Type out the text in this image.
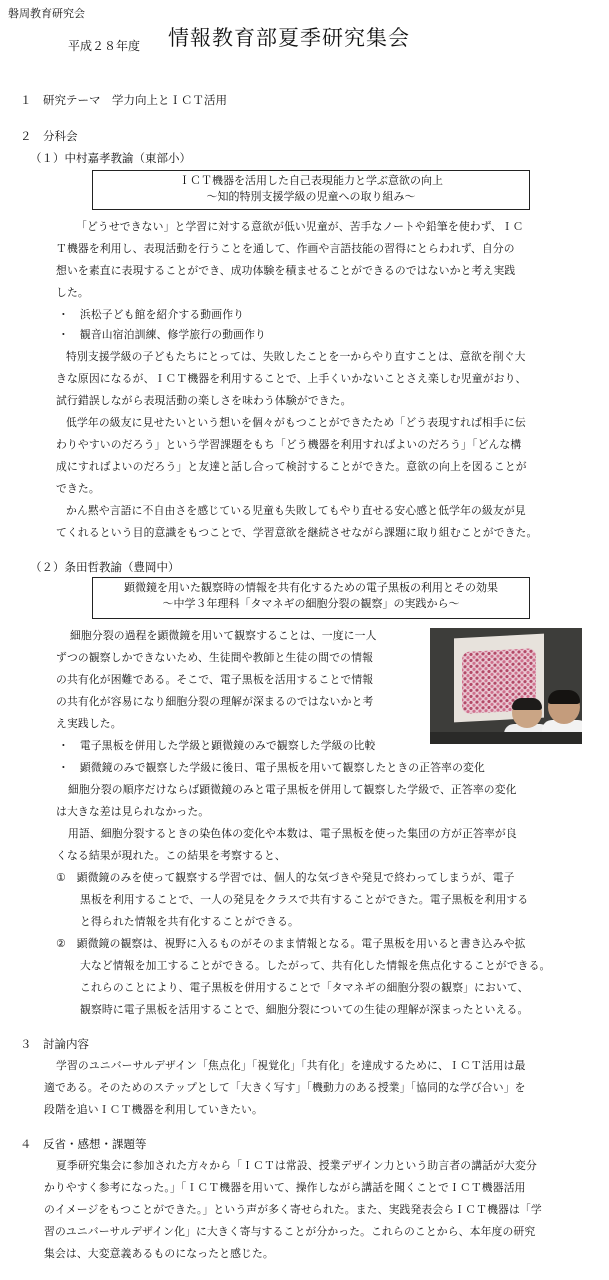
磐周教育研究会
平成２８年度 情報教育部夏季研究集会
１　研究テーマ　学力向上とＩＣＴ活用
２　分科会
（１）中村嘉孝教諭（東部小）
ＩＣＴ機器を活用した自己表現能力と学ぶ意欲の向上
～知的特別支援学級の児童への取り組み～
「どうせできない」と学習に対する意欲が低い児童が、苦手なノートや鉛筆を使わず、ＩＣ
Ｔ機器を利用し、表現活動を行うことを通して、作画や言語技能の習得にとらわれず、自分の
想いを素直に表現することができ、成功体験を積ませることができるのではないかと考え実践
した。
・　浜松子ども館を紹介する動画作り
・　観音山宿泊訓練、修学旅行の動画作り
特別支援学級の子どもたちにとっては、失敗したことを一からやり直すことは、意欲を削ぐ大
きな原因になるが、ＩＣＴ機器を利用することで、上手くいかないことさえ楽しむ児童がおり、
試行錯誤しながら表現活動の楽しさを味わう体験ができた。
低学年の級友に見せたいという想いを個々がもつことができたため「どう表現すれば相手に伝
わりやすいのだろう」という学習課題をもち「どう機器を利用すればよいのだろう」「どんな構
成にすればよいのだろう」と友達と話し合って検討することができた。意欲の向上を図ることが
できた。
かん黙や言語に不自由さを感じている児童も失敗してもやり直せる安心感と低学年の級友が見
てくれるという目的意識をもつことで、学習意欲を継続させながら課題に取り組むことができた。
（２）条田哲教諭（豊岡中）
顕微鏡を用いた観察時の情報を共有化するための電子黒板の利用とその効果
～中学３年理科「タマネギの細胞分裂の観察」の実践から～
細胞分裂の過程を顕微鏡を用いて観察することは、一度に一人
ずつの観察しかできないため、生徒間や教師と生徒の間での情報
の共有化が困難である。そこで、電子黒板を活用することで情報
の共有化が容易になり細胞分裂の理解が深まるのではないかと考
え実践した。
・　電子黒板を併用した学級と顕微鏡のみで観察した学級の比較
・　顕微鏡のみで観察した学級に後日、電子黒板を用いて観察したときの正答率の変化
細胞分裂の順序だけならば顕微鏡のみと電子黒板を併用して観察した学級で、正答率の変化
は大きな差は見られなかった。
用語、細胞分裂するときの染色体の変化や本数は、電子黒板を使った集団の方が正答率が良
くなる結果が現れた。この結果を考察すると、
①　顕微鏡のみを使って観察する学習では、個人的な気づきや発見で終わってしまうが、電子
黒板を利用することで、一人の発見をクラスで共有することができた。電子黒板を利用する
と得られた情報を共有化することができる。
②　顕微鏡の観察は、視野に入るものがそのまま情報となる。電子黒板を用いると書き込みや拡
大など情報を加工することができる。したがって、共有化した情報を焦点化することができる。
これらのことにより、電子黒板を併用することで「タマネギの細胞分裂の観察」において、
観察時に電子黒板を活用することで、細胞分裂についての生徒の理解が深まったといえる。
３　討論内容
学習のユニバーサルデザイン「焦点化」「視覚化」「共有化」を達成するために、ＩＣＴ活用は最
適である。そのためのステップとして「大きく写す」「機動力のある授業」「協同的な学び合い」を
段階を追いＩＣＴ機器を利用していきたい。
４　反省・感想・課題等
夏季研究集会に参加された方々から「ＩＣＴは常設、授業デザイン力という助言者の講話が大変分
かりやすく参考になった。」「ＩＣＴ機器を用いて、操作しながら講話を聞くことでＩＣＴ機器活用
のイメージをもつことができた。」という声が多く寄せられた。また、実践発表会らＩＣＴ機器は「学
習のユニバーサルデザイン化」に大きく寄与することが分かった。これらのことから、本年度の研究
集会は、大変意義あるものになったと感じた。
